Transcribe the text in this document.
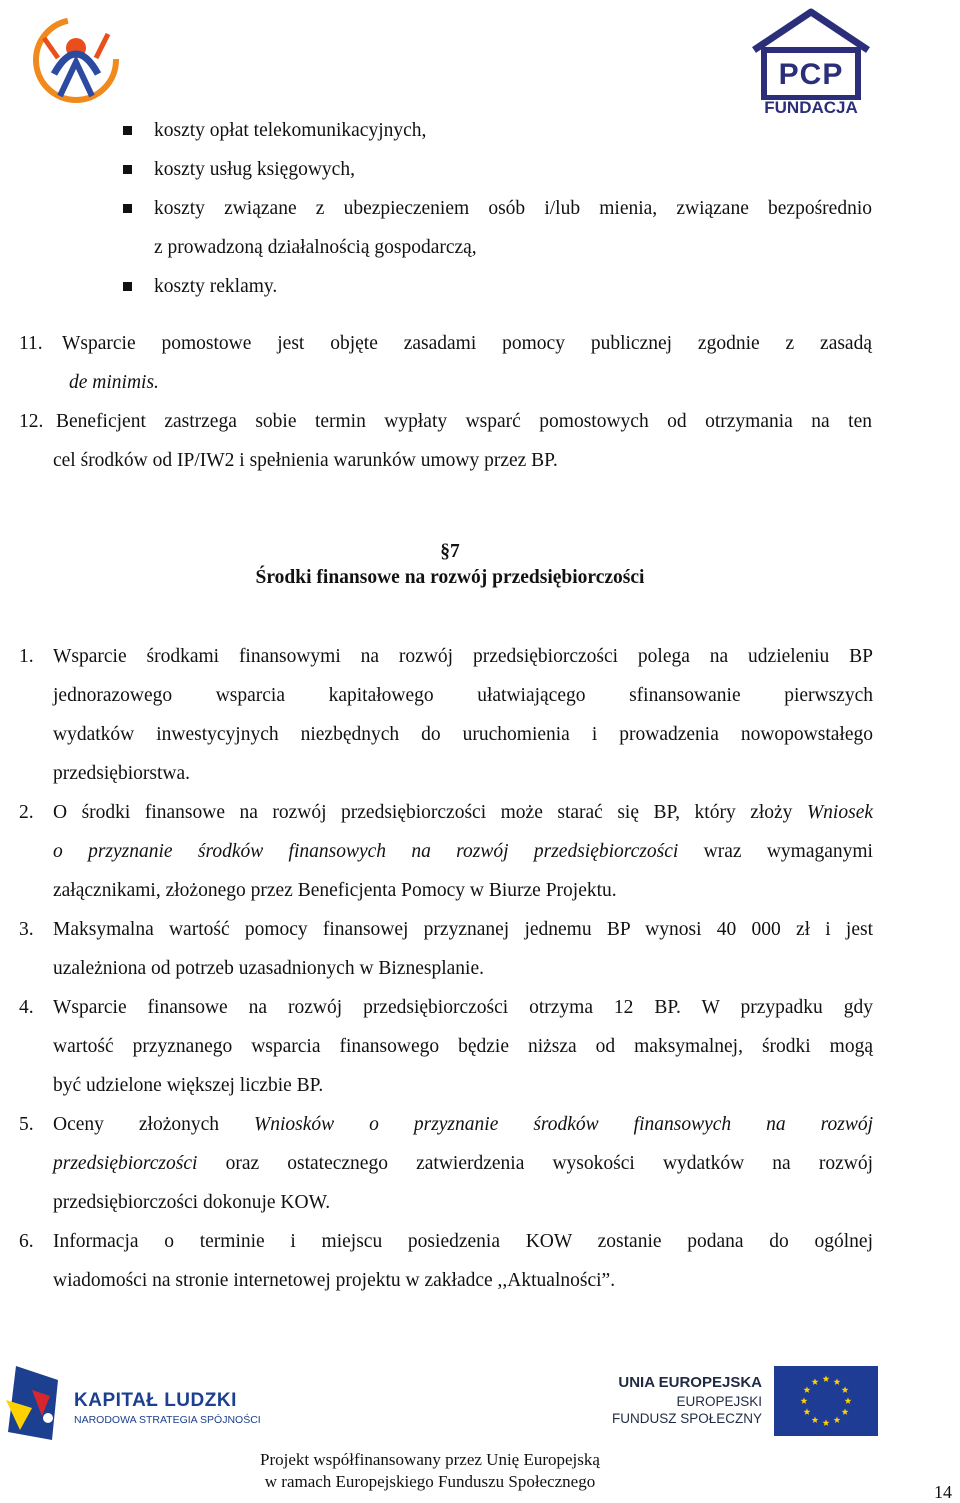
PCP
FUNDACJA
koszty opłat telekomunikacyjnych,
koszty usług księgowych,
koszty związane z ubezpieczeniem osób i/lub mienia, związane bezpośrednio
z prowadzoną działalnością gospodarczą,
koszty reklamy.
11. Wsparcie pomostowe jest objęte zasadami pomocy publicznej zgodnie z zasadą
de minimis.
12. Beneficjent zastrzega sobie termin wypłaty wsparć pomostowych od otrzymania na ten
cel środków od IP/IW2 i spełnienia warunków umowy przez BP.
§7
Środki finansowe na rozwój przedsiębiorczości
1. Wsparcie środkami finansowymi na rozwój przedsiębiorczości polega na udzieleniu BP
jednorazowego wsparcia kapitałowego ułatwiającego sfinansowanie pierwszych
wydatków inwestycyjnych niezbędnych do uruchomienia i prowadzenia nowopowstałego
przedsiębiorstwa.
2. O środki finansowe na rozwój przedsiębiorczości może starać się BP, który złoży Wniosek
o przyznanie środków finansowych na rozwój przedsiębiorczości wraz wymaganymi
załącznikami, złożonego przez Beneficjenta Pomocy w Biurze Projektu.
3. Maksymalna wartość pomocy finansowej przyznanej jednemu BP wynosi 40 000 zł i jest
uzależniona od potrzeb uzasadnionych w Biznesplanie.
4. Wsparcie finansowe na rozwój przedsiębiorczości otrzyma 12 BP. W przypadku gdy
wartość przyznanego wsparcia finansowego będzie niższa od maksymalnej, środki mogą
być udzielone większej liczbie BP.
5. Oceny złożonych Wniosków o przyznanie środków finansowych na rozwój
przedsiębiorczości oraz ostatecznego zatwierdzenia wysokości wydatków na rozwój
przedsiębiorczości dokonuje KOW.
6. Informacja o terminie i miejscu posiedzenia KOW zostanie podana do ogólnej
wiadomości na stronie internetowej projektu w zakładce ,,Aktualności”.
KAPITAŁ LUDZKI
NARODOWA STRATEGIA SPÓJNOŚCI
UNIA EUROPEJSKA
EUROPEJSKI
FUNDUSZ SPOŁECZNY
Projekt współfinansowany przez Unię Europejską
w ramach Europejskiego Funduszu Społecznego
14
